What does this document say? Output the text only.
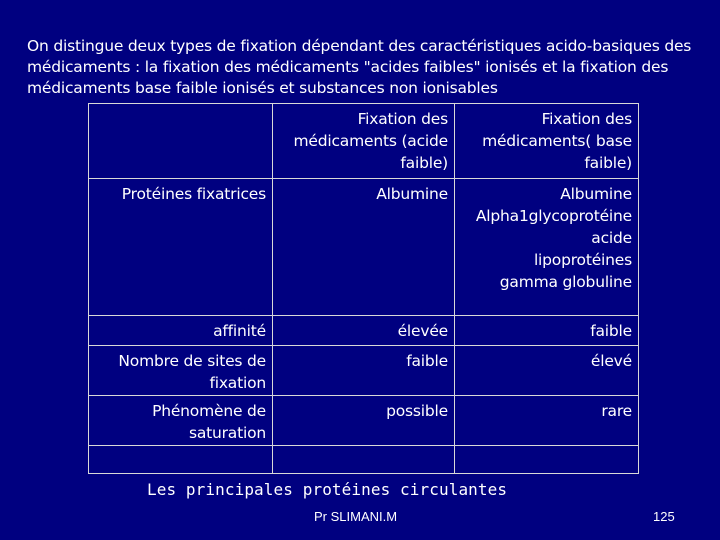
On distingue deux types de fixation dépendant des caractéristiques acido-basiques des médicaments : la fixation des médicaments "acides faibles" ionisés et la fixation des médicaments base faible ionisés et substances non ionisables
	Fixation des
médicaments (acide
faible)	Fixation des
médicaments( base
faible)
Protéines fixatrices	Albumine	Albumine
Alpha1glycoprotéine
acide
lipoprotéines
gamma globuline
affinité	élevée	faible
Nombre de sites de
fixation	faible	élevé
Phénomène de
saturation	possible	rare

Les principales protéines circulantes
Pr SLIMANI.M	125
